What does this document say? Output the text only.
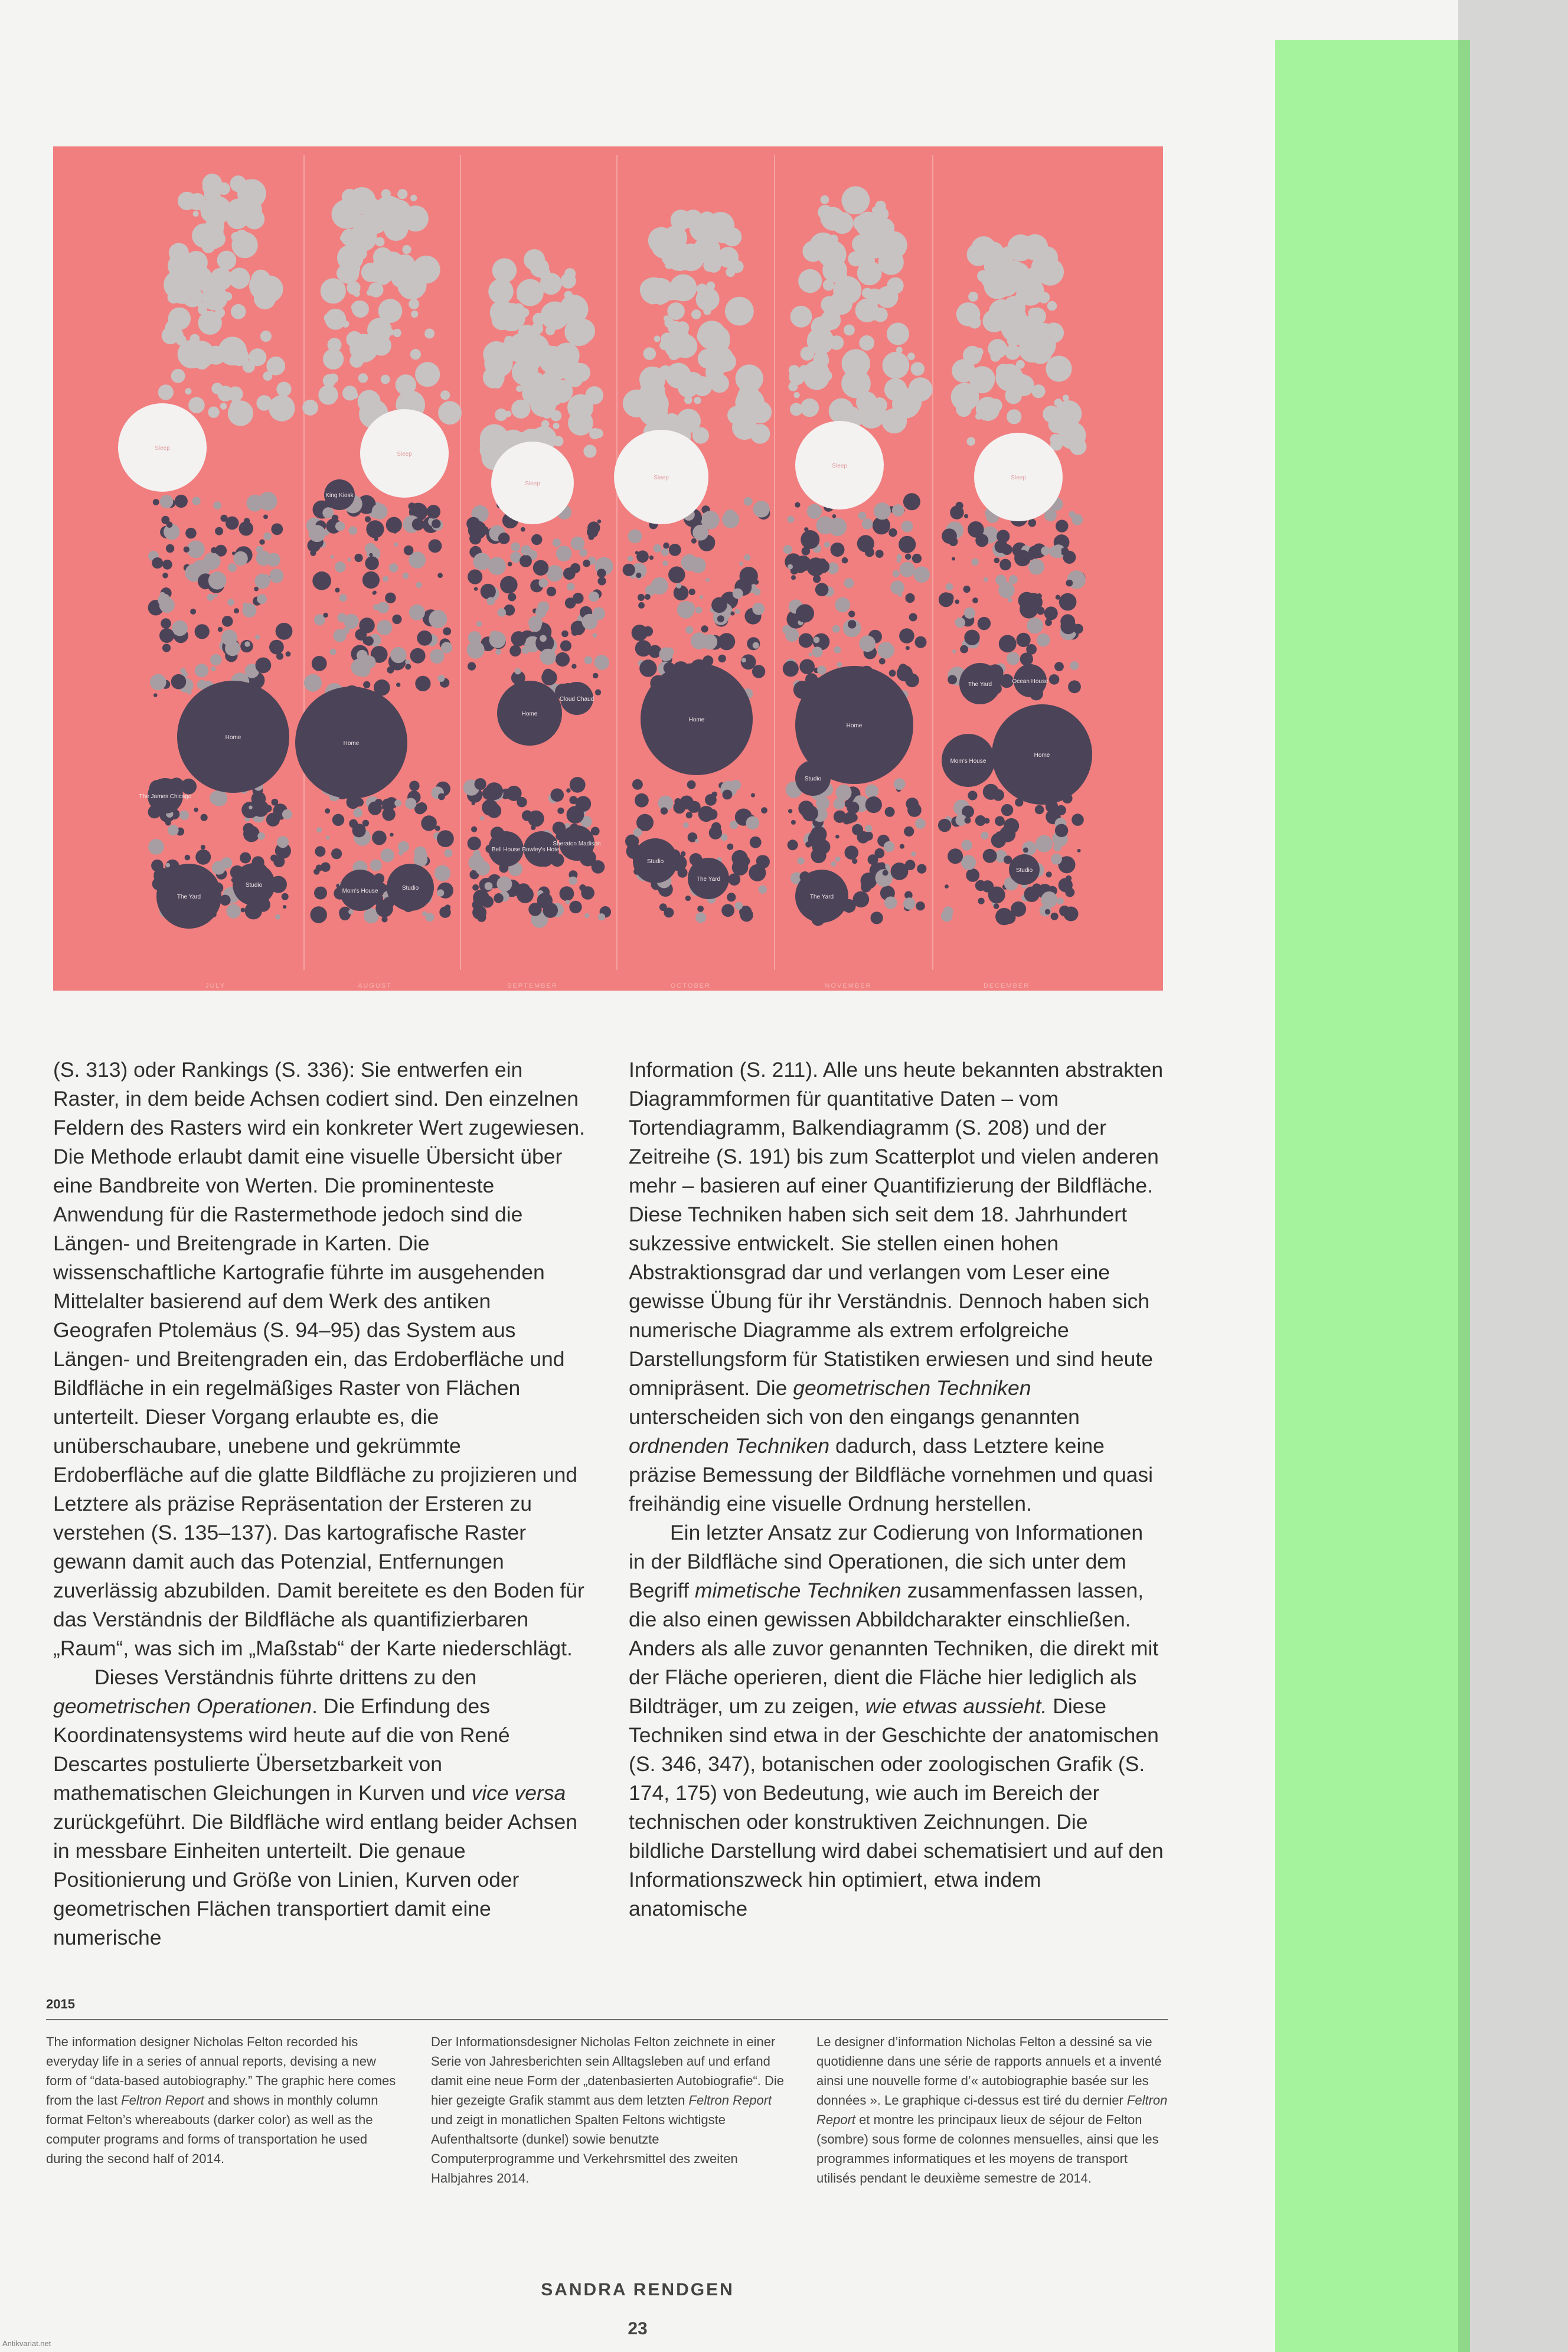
Sleep
Home
The Yard
Studio
The James Chicago
JULY
Sleep
Home
Studio
Mom's House
King Kiosk
AUGUST
Sleep
Home
Bell House Bowley's Hotel
Sheraton Madison
Cloud Chaud
SEPTEMBER
Sleep
Home
Studio
The Yard
OCTOBER
Sleep
Home
The Yard
Studio
NOVEMBER
Sleep
Home
Mom's House
The Yard
Studio
Ocean House
DECEMBER

(S. 313) oder Rankings (S. 336): Sie entwerfen ein Raster, in dem beide Achsen codiert sind. Den einzelnen Feldern des Rasters wird ein konkreter Wert zugewiesen. Die Methode erlaubt damit eine visuelle Übersicht über eine Bandbreite von Werten. Die prominenteste Anwendung für die Rastermethode jedoch sind die Längen- und Breitengrade in Karten. Die wissenschaftliche Kartografie führte im ausgehenden Mittelalter basierend auf dem Werk des antiken Geografen Ptolemäus (S. 94–95) das System aus Längen- und Breitengraden ein, das Erdoberfläche und Bildfläche in ein regelmäßiges Raster von Flächen unterteilt. Dieser Vorgang erlaubte es, die unüberschaubare, unebene und gekrümmte Erdoberfläche auf die glatte Bildfläche zu projizieren und Letztere als präzise Repräsentation der Ersteren zu verstehen (S. 135–137). Das kartografische Raster gewann damit auch das Potenzial, Entfernungen zuverlässig abzubilden. Damit bereitete es den Boden für das Verständnis der Bildfläche als quantifizierbaren „Raum“, was sich im „Maßstab“ der Karte niederschlägt.

Dieses Verständnis führte drittens zu den geometrischen Operationen. Die Erfindung des Koordinatensystems wird heute auf die von René Descartes postulierte Übersetzbarkeit von mathematischen Gleichungen in Kurven und vice versa zurückgeführt. Die Bildfläche wird entlang beider Achsen in messbare Einheiten unterteilt. Die genaue Positionierung und Größe von Linien, Kurven oder geometrischen Flächen transportiert damit eine numerische

Information (S. 211). Alle uns heute bekannten abstrakten Diagrammformen für quantitative Daten – vom Tortendiagramm, Balkendiagramm (S. 208) und der Zeitreihe (S. 191) bis zum Scatterplot und vielen anderen mehr – basieren auf einer Quantifizierung der Bildfläche. Diese Techniken haben sich seit dem 18. Jahrhundert sukzessive entwickelt. Sie stellen einen hohen Abstraktionsgrad dar und verlangen vom Leser eine gewisse Übung für ihr Verständnis. Dennoch haben sich numerische Diagramme als extrem erfolgreiche Darstellungsform für Statistiken erwiesen und sind heute omnipräsent. Die geometrischen Techniken unterscheiden sich von den eingangs genannten ordnenden Techniken dadurch, dass Letztere keine präzise Bemessung der Bildfläche vornehmen und quasi freihändig eine visuelle Ordnung herstellen.

Ein letzter Ansatz zur Codierung von Informationen in der Bildfläche sind Operationen, die sich unter dem Begriff mimetische Techniken zusammenfassen lassen, die also einen gewissen Abbildcharakter einschließen. Anders als alle zuvor genannten Techniken, die direkt mit der Fläche operieren, dient die Fläche hier lediglich als Bildträger, um zu zeigen, wie etwas aussieht. Diese Techniken sind etwa in der Geschichte der anatomischen (S. 346, 347), botanischen oder zoologischen Grafik (S. 174, 175) von Bedeutung, wie auch im Bereich der technischen oder konstruktiven Zeichnungen. Die bildliche Darstellung wird dabei schematisiert und auf den Informationszweck hin optimiert, etwa indem anatomische

2015

The information designer Nicholas Felton recorded his everyday life in a series of annual reports, devising a new form of “data-based autobiography.” The graphic here comes from the last Feltron Report and shows in monthly column format Felton’s whereabouts (darker color) as well as the computer programs and forms of transportation he used during the second half of 2014.

Der Informationsdesigner Nicholas Felton zeichnete in einer Serie von Jahresberichten sein Alltagsleben auf und erfand damit eine neue Form der „datenbasierten Autobiografie“. Die hier gezeigte Grafik stammt aus dem letzten Feltron Report und zeigt in monatlichen Spalten Feltons wichtigste Aufenthaltsorte (dunkel) sowie benutzte Computerprogramme und Verkehrsmittel des zweiten Halbjahres 2014.

Le designer d’information Nicholas Felton a dessiné sa vie quotidienne dans une série de rapports annuels et a inventé ainsi une nouvelle forme d’« autobiographie basée sur les données ». Le graphique ci-dessus est tiré du dernier Feltron Report et montre les principaux lieux de séjour de Felton (sombre) sous forme de colonnes mensuelles, ainsi que les programmes informatiques et les moyens de transport utilisés pendant le deuxième semestre de 2014.

SANDRA RENDGEN
23
Antikvariat.net
